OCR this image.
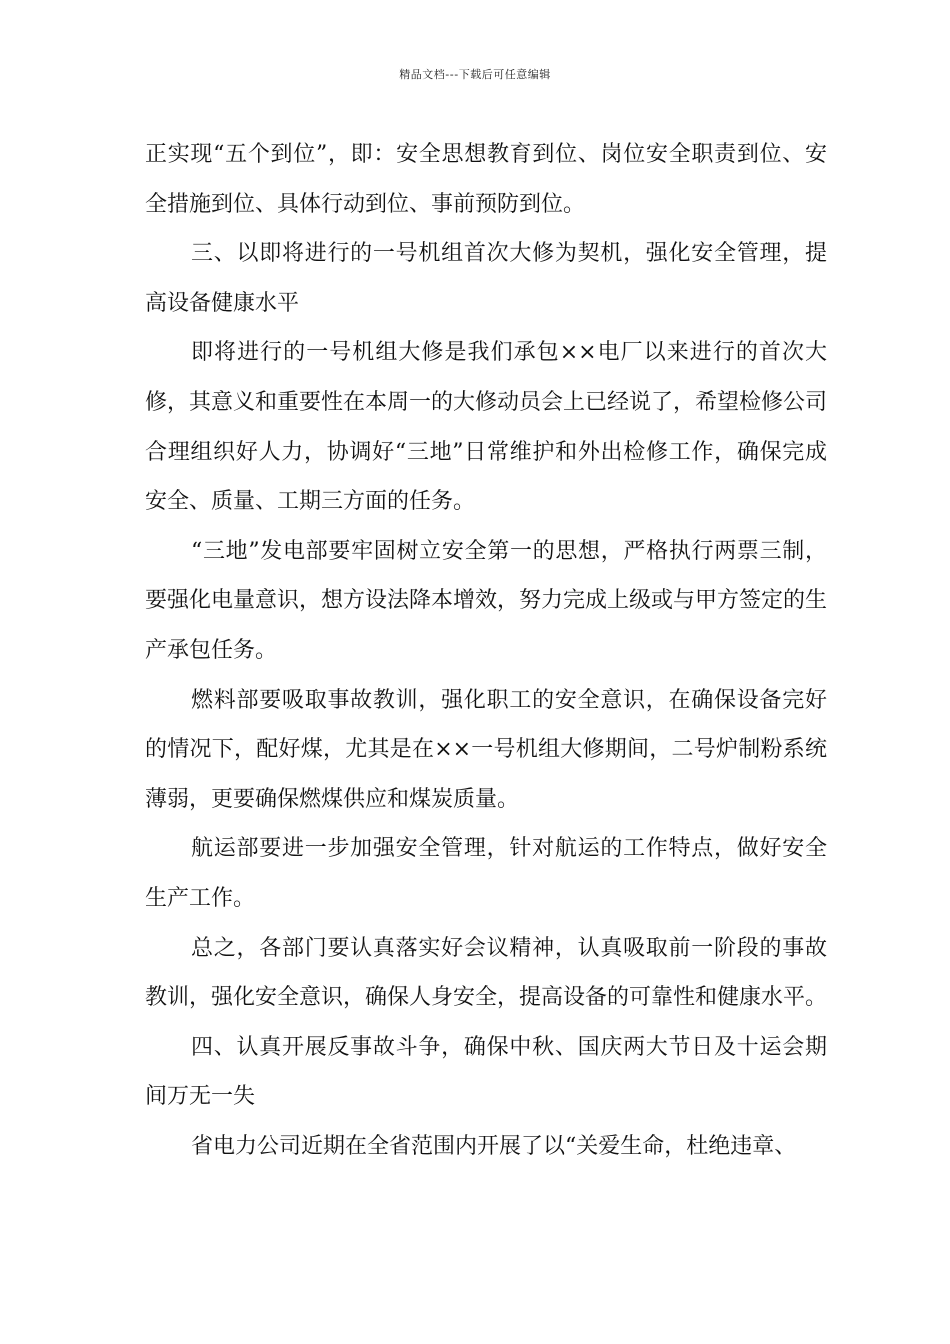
精品文档---下载后可任意编辑

正实现“五个到位”，即：安全思想教育到位、岗位安全职责到位、安全措施到位、具体行动到位、事前预防到位。

三、以即将进行的一号机组首次大修为契机，强化安全管理，提高设备健康水平

即将进行的一号机组大修是我们承包××电厂以来进行的首次大修，其意义和重要性在本周一的大修动员会上已经说了，希望检修公司合理组织好人力，协调好“三地”日常维护和外出检修工作，确保完成安全、质量、工期三方面的任务。

“三地”发电部要牢固树立安全第一的思想，严格执行两票三制，要强化电量意识，想方设法降本增效，努力完成上级或与甲方签定的生产承包任务。

燃料部要吸取事故教训，强化职工的安全意识，在确保设备完好的情况下，配好煤，尤其是在××一号机组大修期间，二号炉制粉系统薄弱，更要确保燃煤供应和煤炭质量。

航运部要进一步加强安全管理，针对航运的工作特点，做好安全生产工作。

总之，各部门要认真落实好会议精神，认真吸取前一阶段的事故教训，强化安全意识，确保人身安全，提高设备的可靠性和健康水平。

四、认真开展反事故斗争，确保中秋、国庆两大节日及十运会期间万无一失

省电力公司近期在全省范围内开展了以“关爱生命，杜绝违章、
